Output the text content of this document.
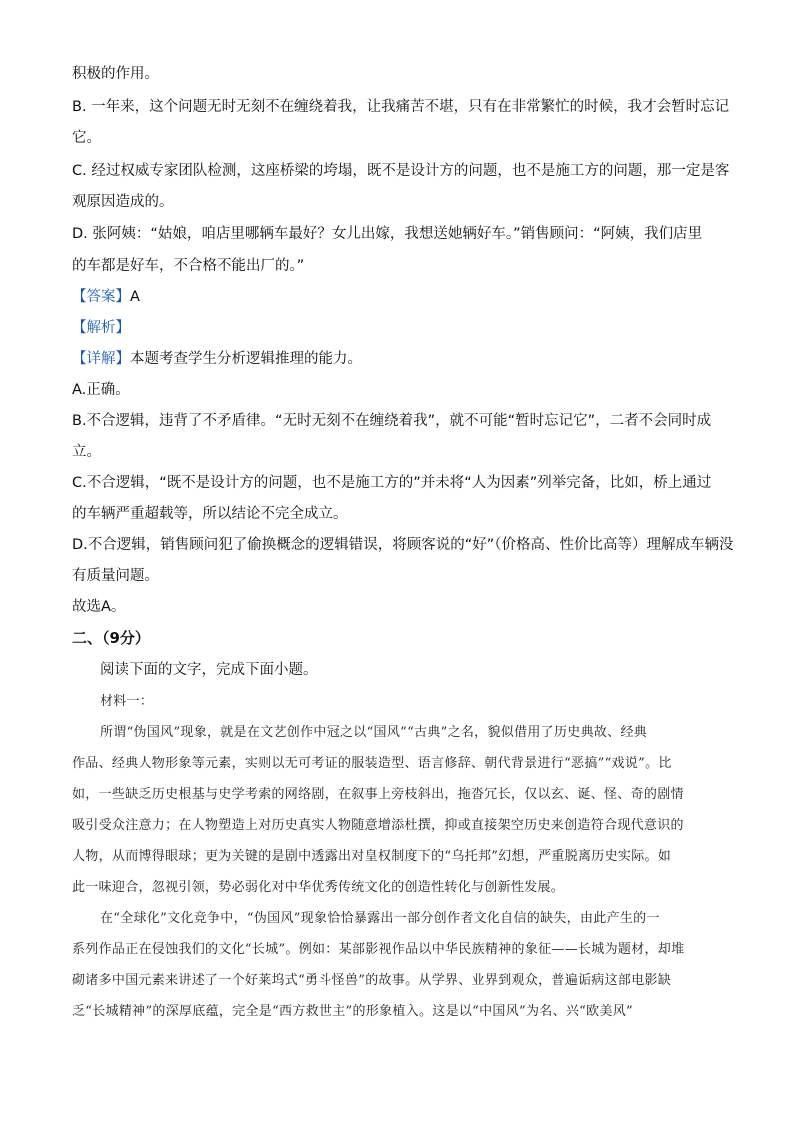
积极的作用。
B. 一年来，这个问题无时无刻不在缠绕着我，让我痛苦不堪，只有在非常繁忙的时候，我才会暂时忘记
它。
C. 经过权威专家团队检测，这座桥梁的垮塌，既不是设计方的问题，也不是施工方的问题，那一定是客
观原因造成的。
D. 张阿姨：“姑娘，咱店里哪辆车最好？女儿出嫁，我想送她辆好车。”销售顾问：“阿姨，我们店里
的车都是好车，不合格不能出厂的。”
【答案】A
【解析】
【详解】本题考查学生分析逻辑推理的能力。
A.正确。
B.不合逻辑，违背了不矛盾律。“无时无刻不在缠绕着我”，就不可能“暂时忘记它”，二者不会同时成
立。
C.不合逻辑，“既不是设计方的问题，也不是施工方的”并未将“人为因素”列举完备，比如，桥上通过
的车辆严重超载等，所以结论不完全成立。
D.不合逻辑，销售顾问犯了偷换概念的逻辑错误，将顾客说的“好”（价格高、性价比高等）理解成车辆没
有质量问题。
故选A。
二、（9分）
阅读下面的文字，完成下面小题。
材料一：
所谓“伪国风”现象，就是在文艺创作中冠之以“国风”“古典”之名，貌似借用了历史典故、经典
作品、经典人物形象等元素，实则以无可考证的服装造型、语言修辞、朝代背景进行“恶搞”“戏说”。比
如，一些缺乏历史根基与史学考索的网络剧，在叙事上旁枝斜出，拖沓冗长，仅以玄、诞、怪、奇的剧情
吸引受众注意力；在人物塑造上对历史真实人物随意增添杜撰，抑或直接架空历史来创造符合现代意识的
人物，从而博得眼球；更为关键的是剧中透露出对皇权制度下的“乌托邦”幻想，严重脱离历史实际。如
此一味迎合，忽视引领，势必弱化对中华优秀传统文化的创造性转化与创新性发展。
在“全球化”文化竞争中，“伪国风”现象恰恰暴露出一部分创作者文化自信的缺失，由此产生的一
系列作品正在侵蚀我们的文化“长城”。例如：某部影视作品以中华民族精神的象征——长城为题材，却堆
砌诸多中国元素来讲述了一个好莱坞式“勇斗怪兽”的故事。从学界、业界到观众，普遍诟病这部电影缺
乏“长城精神”的深厚底蕴，完全是“西方救世主”的形象植入。这是以“中国风”为名、兴“欧美风”
